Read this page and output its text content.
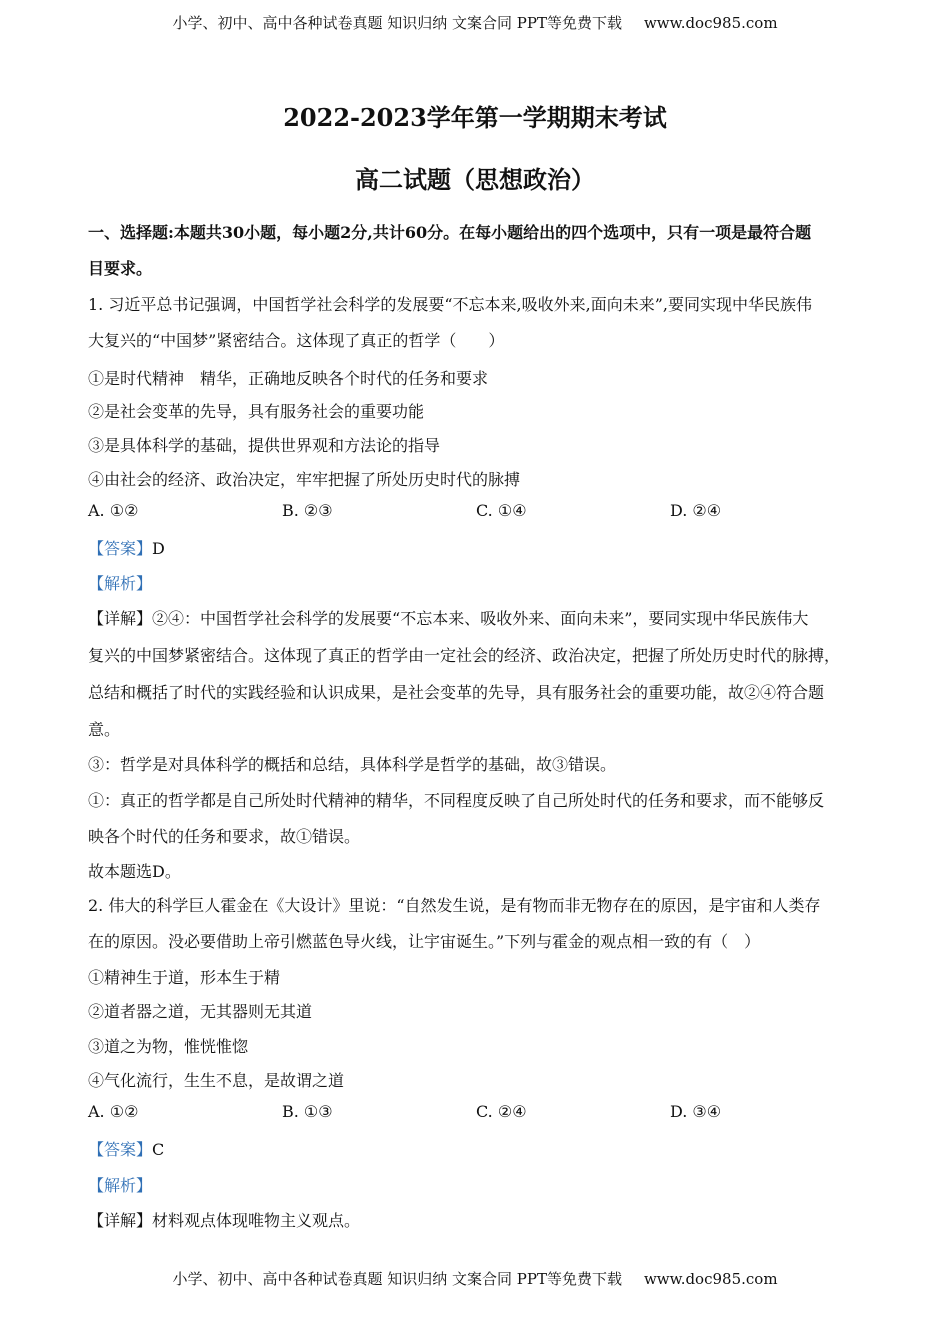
小学、初中、高中各种试卷真题 知识归纳 文案合同 PPT等免费下载 www.doc985.com
2022-2023学年第一学期期末考试
高二试题（思想政治）
一、选择题:本题共30小题，每小题2分,共计60分。在每小题给出的四个选项中，只有一项是最符合题
目要求。
1. 习近平总书记强调，中国哲学社会科学的发展要“不忘本来,吸收外来,面向未来”,要同实现中华民族伟
大复兴的“中国梦”紧密结合。这体现了真正的哲学（　　）
①是时代精神　精华，正确地反映各个时代的任务和要求
②是社会变革的先导，具有服务社会的重要功能
③是具体科学的基础，提供世界观和方法论的指导
④由社会的经济、政治决定，牢牢把握了所处历史时代的脉搏
A. ①②	B. ②③	C. ①④	D. ②④
【答案】D
【解析】
【详解】②④：中国哲学社会科学的发展要“不忘本来、吸收外来、面向未来”，要同实现中华民族伟大
复兴的中国梦紧密结合。这体现了真正的哲学由一定社会的经济、政治决定，把握了所处历史时代的脉搏，
总结和概括了时代的实践经验和认识成果，是社会变革的先导，具有服务社会的重要功能，故②④符合题
意。
③：哲学是对具体科学的概括和总结，具体科学是哲学的基础，故③错误。
①：真正的哲学都是自己所处时代精神的精华，不同程度反映了自己所处时代的任务和要求，而不能够反
映各个时代的任务和要求，故①错误。
故本题选D。
2. 伟大的科学巨人霍金在《大设计》里说：“自然发生说，是有物而非无物存在的原因，是宇宙和人类存
在的原因。没必要借助上帝引燃蓝色导火线，让宇宙诞生。”下列与霍金的观点相一致的有（　）
①精神生于道，形本生于精
②道者器之道，无其器则无其道
③道之为物，惟恍惟惚
④气化流行，生生不息，是故谓之道
A. ①②	B. ①③	C. ②④	D. ③④
【答案】C
【解析】
【详解】材料观点体现唯物主义观点。
小学、初中、高中各种试卷真题 知识归纳 文案合同 PPT等免费下载 www.doc985.com
